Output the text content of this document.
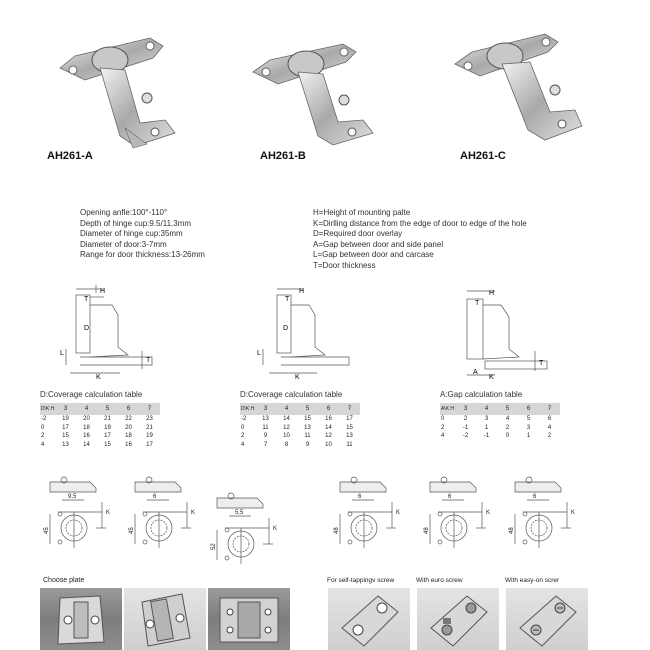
AH261-A	AH261-B	AH261-C
Opening anfle:100°-110°
Depth of hinge cup:9.5/11.3mm
Diameter of hinge cup:35mm
Diameter of door:3-7mm
Range for door thickness:13-26mm
H=Height of mounting palte
K=Dirlling distance from the edge of door to edge of the hole
D=Required door overlay
A=Gap between door and side panel
L=Gap between door and carcase
T=Door thickness
T
H
D
L
T
K
T
H
D
L
K
H
T
A
K
T
D:Coverage calculation table
D\K H	3	4	5	6	7
-2	19	20	21	22	23
0	17	18	19	20	21
2	15	16	17	18	19
4	13	14	15	16	17
D:Coverage calculation table
D\K H	3	4	5	6	7
-2	13	14	15	16	17
0	11	12	13	14	15
2	9	10	11	12	13
4	7	8	9	10	11
A:Gap calculation table
A\K H	3	4	5	6	7
0	2	3	4	5	6
2	-1	1	2	3	4
4	-2	-1	0	1	2
9.5
45
K
6
45
K	5.5
52
K
6
48
K
6
48
K
6
48
K
Choose plate	For self-tappingv screw	With euro screw	With easy-on screr
